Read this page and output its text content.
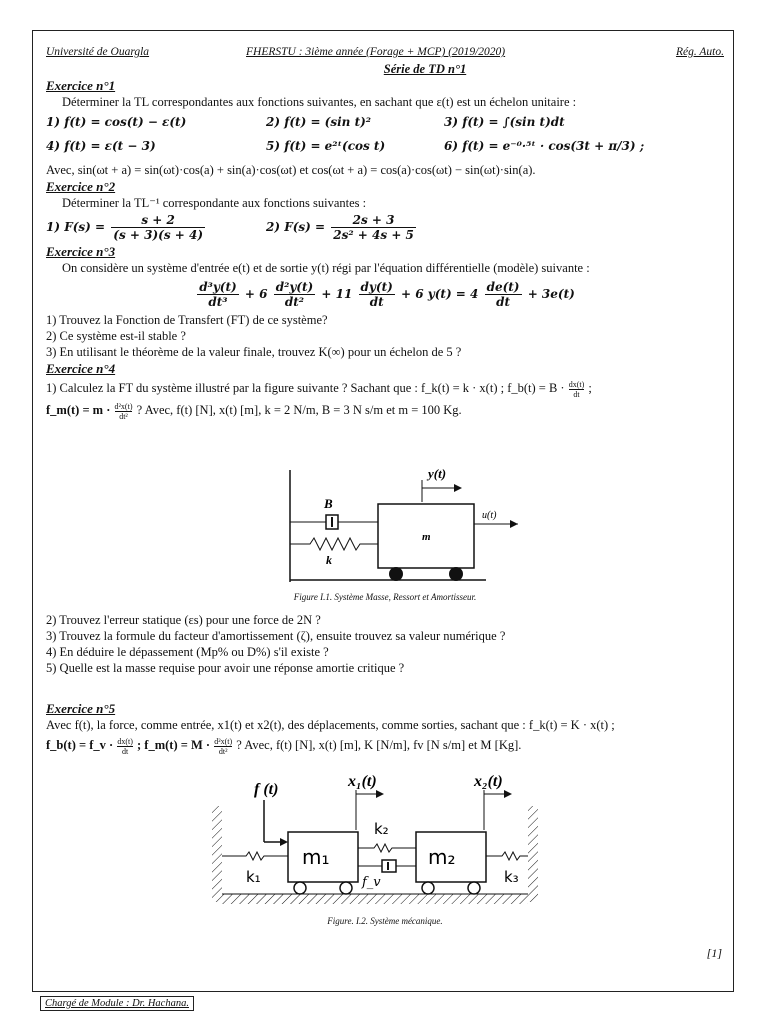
Université de Ouargla	FHERSTU : 3ième année (Forage + MCP) (2019/2020)	Rég. Auto.
Série de TD n°1
Exercice n°1
Déterminer la TL correspondantes aux fonctions suivantes, en sachant que ε(t) est un échelon unitaire :
1) f(t) = cos(t) − ε(t)	2) f(t) = (sin t)²	3) f(t) = ∫(sin t)dt
4) f(t) = ε(t − 3)	5) f(t) = e²ᵗ(cos t)	6) f(t) = e⁻⁰·⁵ᵗ · cos(3t + π/3) ;
Avec, sin(ωt + a) = sin(ωt)·cos(a) + sin(a)·cos(ωt) et cos(ωt + a) = cos(a)·cos(ωt) − sin(ωt)·sin(a).
Exercice n°2
Déterminer la TL⁻¹ correspondante aux fonctions suivantes :
1) $F(s) = \frac{s + 2}{(s + 3)(s + 4)}$	2) $F(s) = \frac{2s + 3}{\text{2s² + 4s + 5}}$
Exercice n°3
On considère un système d'entrée e(t) et de sortie y(t) régi par l'équation différentielle (modèle) suivante :
$\frac{\text{d³y(t)}}{\text{dt³}} + 6 \frac{\text{d²y(t)}}{\text{dt²}} + 11 \frac{dy(t)}{dt} + 6$ $y(t) = 4 \frac{de(t)}{dt} + 3e(t)$
1) Trouvez la Fonction de Transfert (FT) de ce système?
2) Ce système est-il stable ?
3) En utilisant le théorème de la valeur finale, trouvez K(∞) pour un échelon de 5 ?
Exercice n°4
1) Calculez la FT du système illustré par la figure suivante ? Sachant que : f_k(t) = k · x(t) ; f_b(t) = $B \cdot \frac{dx(t)}{dt}$ ;
f_m(t) = $m \cdot \frac{\text{d²x(t)}}{\text{dt²}}$ ? Avec, f(t) [N], x(t) [m], k = 2 N/m, B = 3 N s/m et m = 100 Kg.
B
k
m
u(t)
y(t)
Figure I.1. Système Masse, Ressort et Amortisseur.
2) Trouvez l'erreur statique (εs) pour une force de 2N ?
3) Trouvez la formule du facteur d'amortissement (ζ), ensuite trouvez sa valeur numérique ?
4) En déduire le dépassement (Mp% ou D%) s'il existe ?
5) Quelle est la masse requise pour avoir une réponse amortie critique ?
Exercice n°5
Avec f(t), la force, comme entrée, x1(t) et x2(t), des déplacements, comme sorties, sachant que : f_k(t) = K · x(t) ;
f_b(t) = f_v · $\frac{dx(t)}{dt}$ ; f_m(t) = $M \cdot \frac{\text{d²x(t)}}{\text{dt²}}$ ? Avec, f(t) [N], x(t) [m], K [N/m], fv [N s/m] et M [Kg].
k₁
m₁
k₂
f_v
m₂
k₃
f (t)	x₁(t)	x₂(t)
Figure. I.2. Système mécanique.
[1]
Chargé de Module : Dr. Hachana.
